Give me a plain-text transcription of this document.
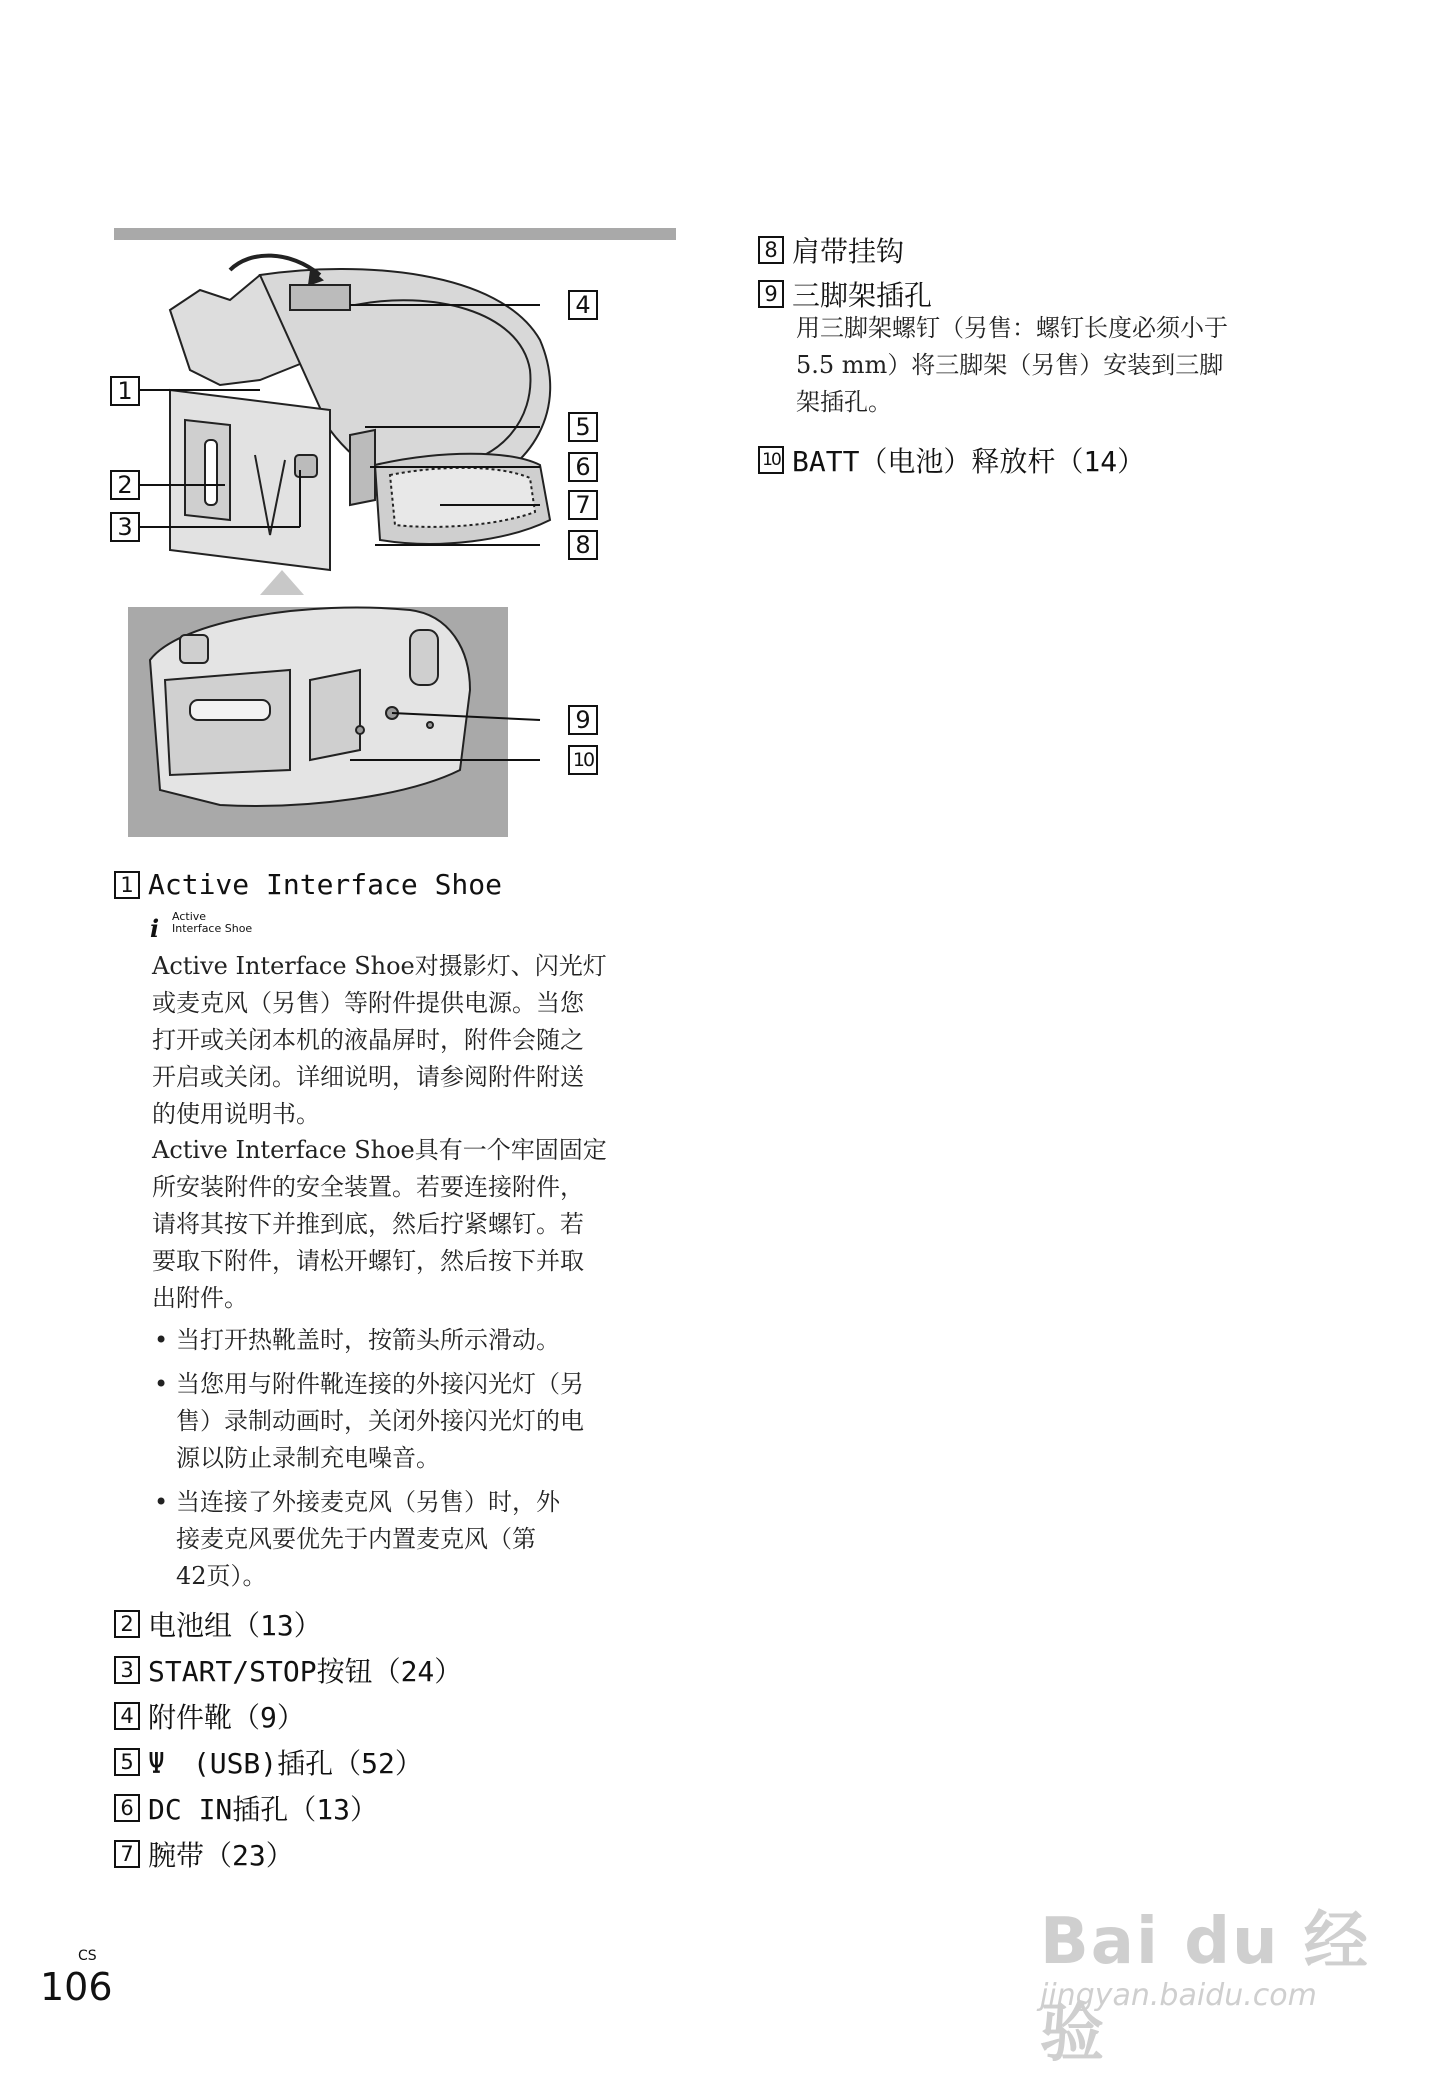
1
2
3
4
5
6
7
8
9
10
1 Active Interface Shoe
i Active
Interface Shoe
Active Interface Shoe对摄影灯、闪光灯
或麦克风（另售）等附件提供电源。当您
打开或关闭本机的液晶屏时，附件会随之
开启或关闭。详细说明，请参阅附件附送
的使用说明书。
Active Interface Shoe具有一个牢固固定
所安装附件的安全装置。若要连接附件，
请将其按下并推到底，然后拧紧螺钉。若
要取下附件，请松开螺钉，然后按下并取
出附件。
• 当打开热靴盖时，按箭头所示滑动。
• 当您用与附件靴连接的外接闪光灯（另
售）录制动画时，关闭外接闪光灯的电
源以防止录制充电噪音。
• 当连接了外接麦克风（另售）时，外
接麦克风要优先于内置麦克风（第
42页）。
2 电池组（13）
3 START/STOP按钮（24）
4 附件靴（9）
5 Ψ　(USB)插孔（52）
6 DC IN插孔（13）
7 腕带（23）
8 肩带挂钩
9 三脚架插孔
用三脚架螺钉（另售：螺钉长度必须小于
5.5 mm）将三脚架（另售）安装到三脚
架插孔。
10 BATT（电池）释放杆（14）
CS
106
Bai du 经验
jingyan.baidu.com
